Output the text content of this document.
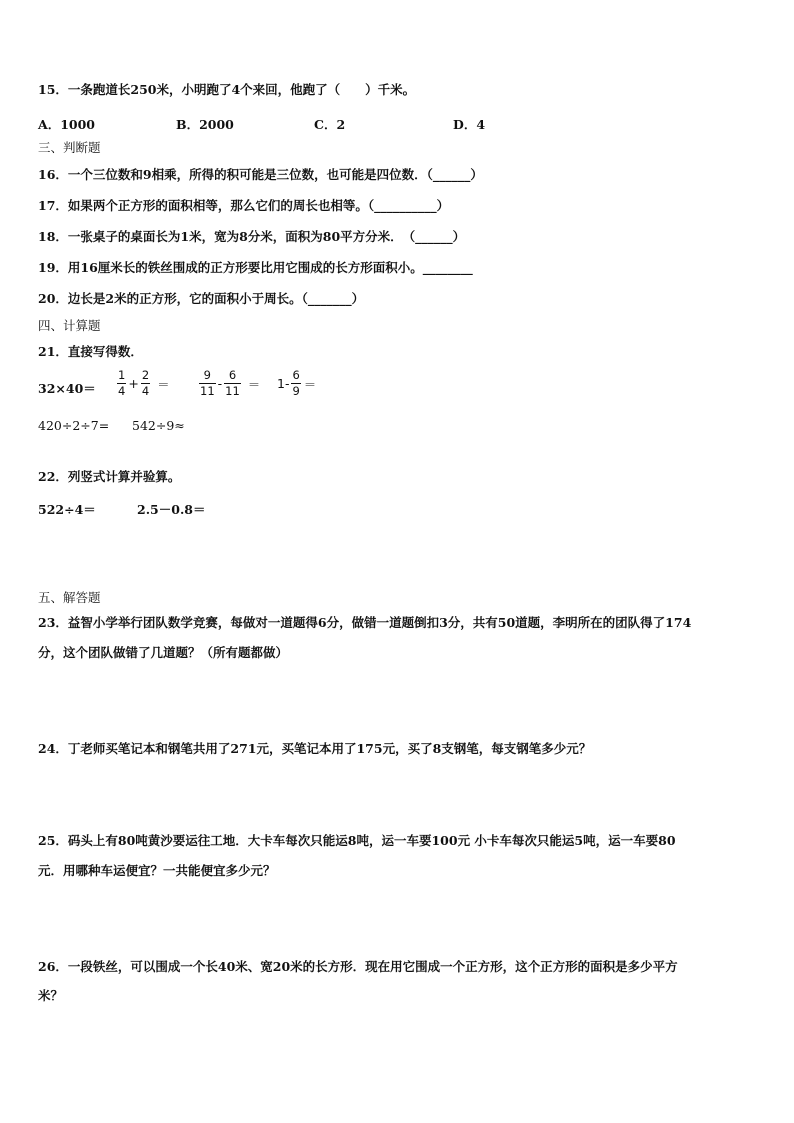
15．一条跑道长250米，小明跑了4个来回，他跑了（　　）千米。
A．1000	B．2000	C．2	D．4
三、判断题
16．一个三位数和9相乘，所得的积可能是三位数，也可能是四位数．（______）
17．如果两个正方形的面积相等，那么它们的周长也相等。（__________）
18．一张桌子的桌面长为1米，宽为8分米，面积为80平方分米．　（______）
19．用16厘米长的铁丝围成的正方形要比用它围成的长方形面积小。________
20．边长是2米的正方形，它的面积小于周长。（_______）
四、计算题
21．直接写得数．
$32\times 40= \frac{1}{4} + \frac{2}{4}$ ＝	$\frac{9}{11} - \frac{6}{11} = 1- \frac{6}{9}$ ＝
420÷2÷7= 542÷9≈
22．列竖式计算并验算。
522÷4＝	2.5－0.8＝
五、解答题
23．益智小学举行团队数学竞赛，每做对一道题得6分，做错一道题倒扣3分，共有50道题，李明所在的团队得了174
分，这个团队做错了几道题？（所有题都做）
24．丁老师买笔记本和钢笔共用了271元，买笔记本用了175元，买了8支钢笔，每支钢笔多少元？
25．码头上有80吨黄沙要运往工地．大卡车每次只能运8吨，运一车要100元 小卡车每次只能运5吨，运一车要80
元．用哪种车运便宜？一共能便宜多少元？
26．一段铁丝，可以围成一个长40米、宽20米的长方形．现在用它围成一个正方形，这个正方形的面积是多少平方
米？
